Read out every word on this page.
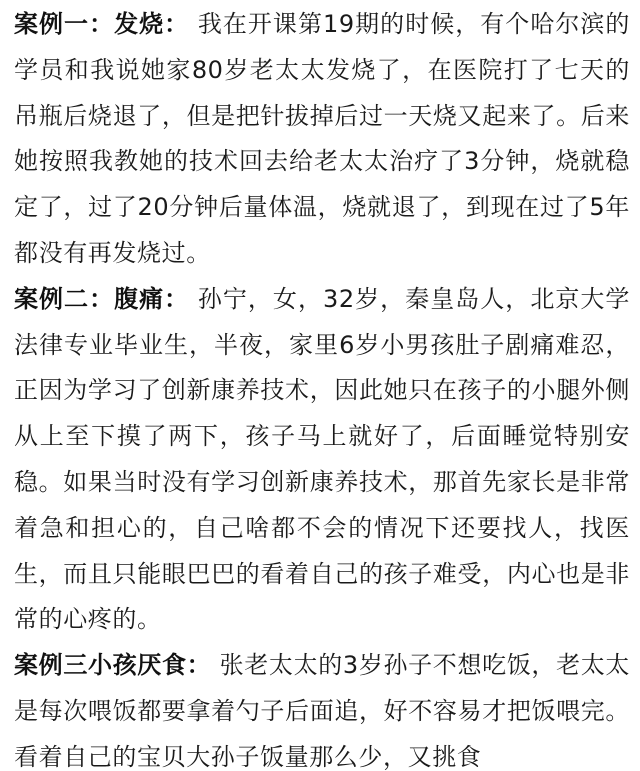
案例一：发烧： 我在开课第19期的时候，有个哈尔滨的学员和我说她家80岁老太太发烧了，在医院打了七天的吊瓶后烧退了，但是把针拔掉后过一天烧又起来了。后来她按照我教她的技术回去给老太太治疗了3分钟，烧就稳定了，过了20分钟后量体温，烧就退了，到现在过了5年都没有再发烧过。

案例二：腹痛： 孙宁，女，32岁，秦皇岛人，北京大学法律专业毕业生，半夜，家里6岁小男孩肚子剧痛难忍，正因为学习了创新康养技术，因此她只在孩子的小腿外侧从上至下摸了两下，孩子马上就好了，后面睡觉特别安稳。如果当时没有学习创新康养技术，那首先家长是非常着急和担心的，自己啥都不会的情况下还要找人，找医生，而且只能眼巴巴的看着自己的孩子难受，内心也是非常的心疼的。

案例三小孩厌食： 张老太太的3岁孙子不想吃饭，老太太是每次喂饭都要拿着勺子后面追，好不容易才把饭喂完。看着自己的宝贝大孙子饭量那么少，又挑食
